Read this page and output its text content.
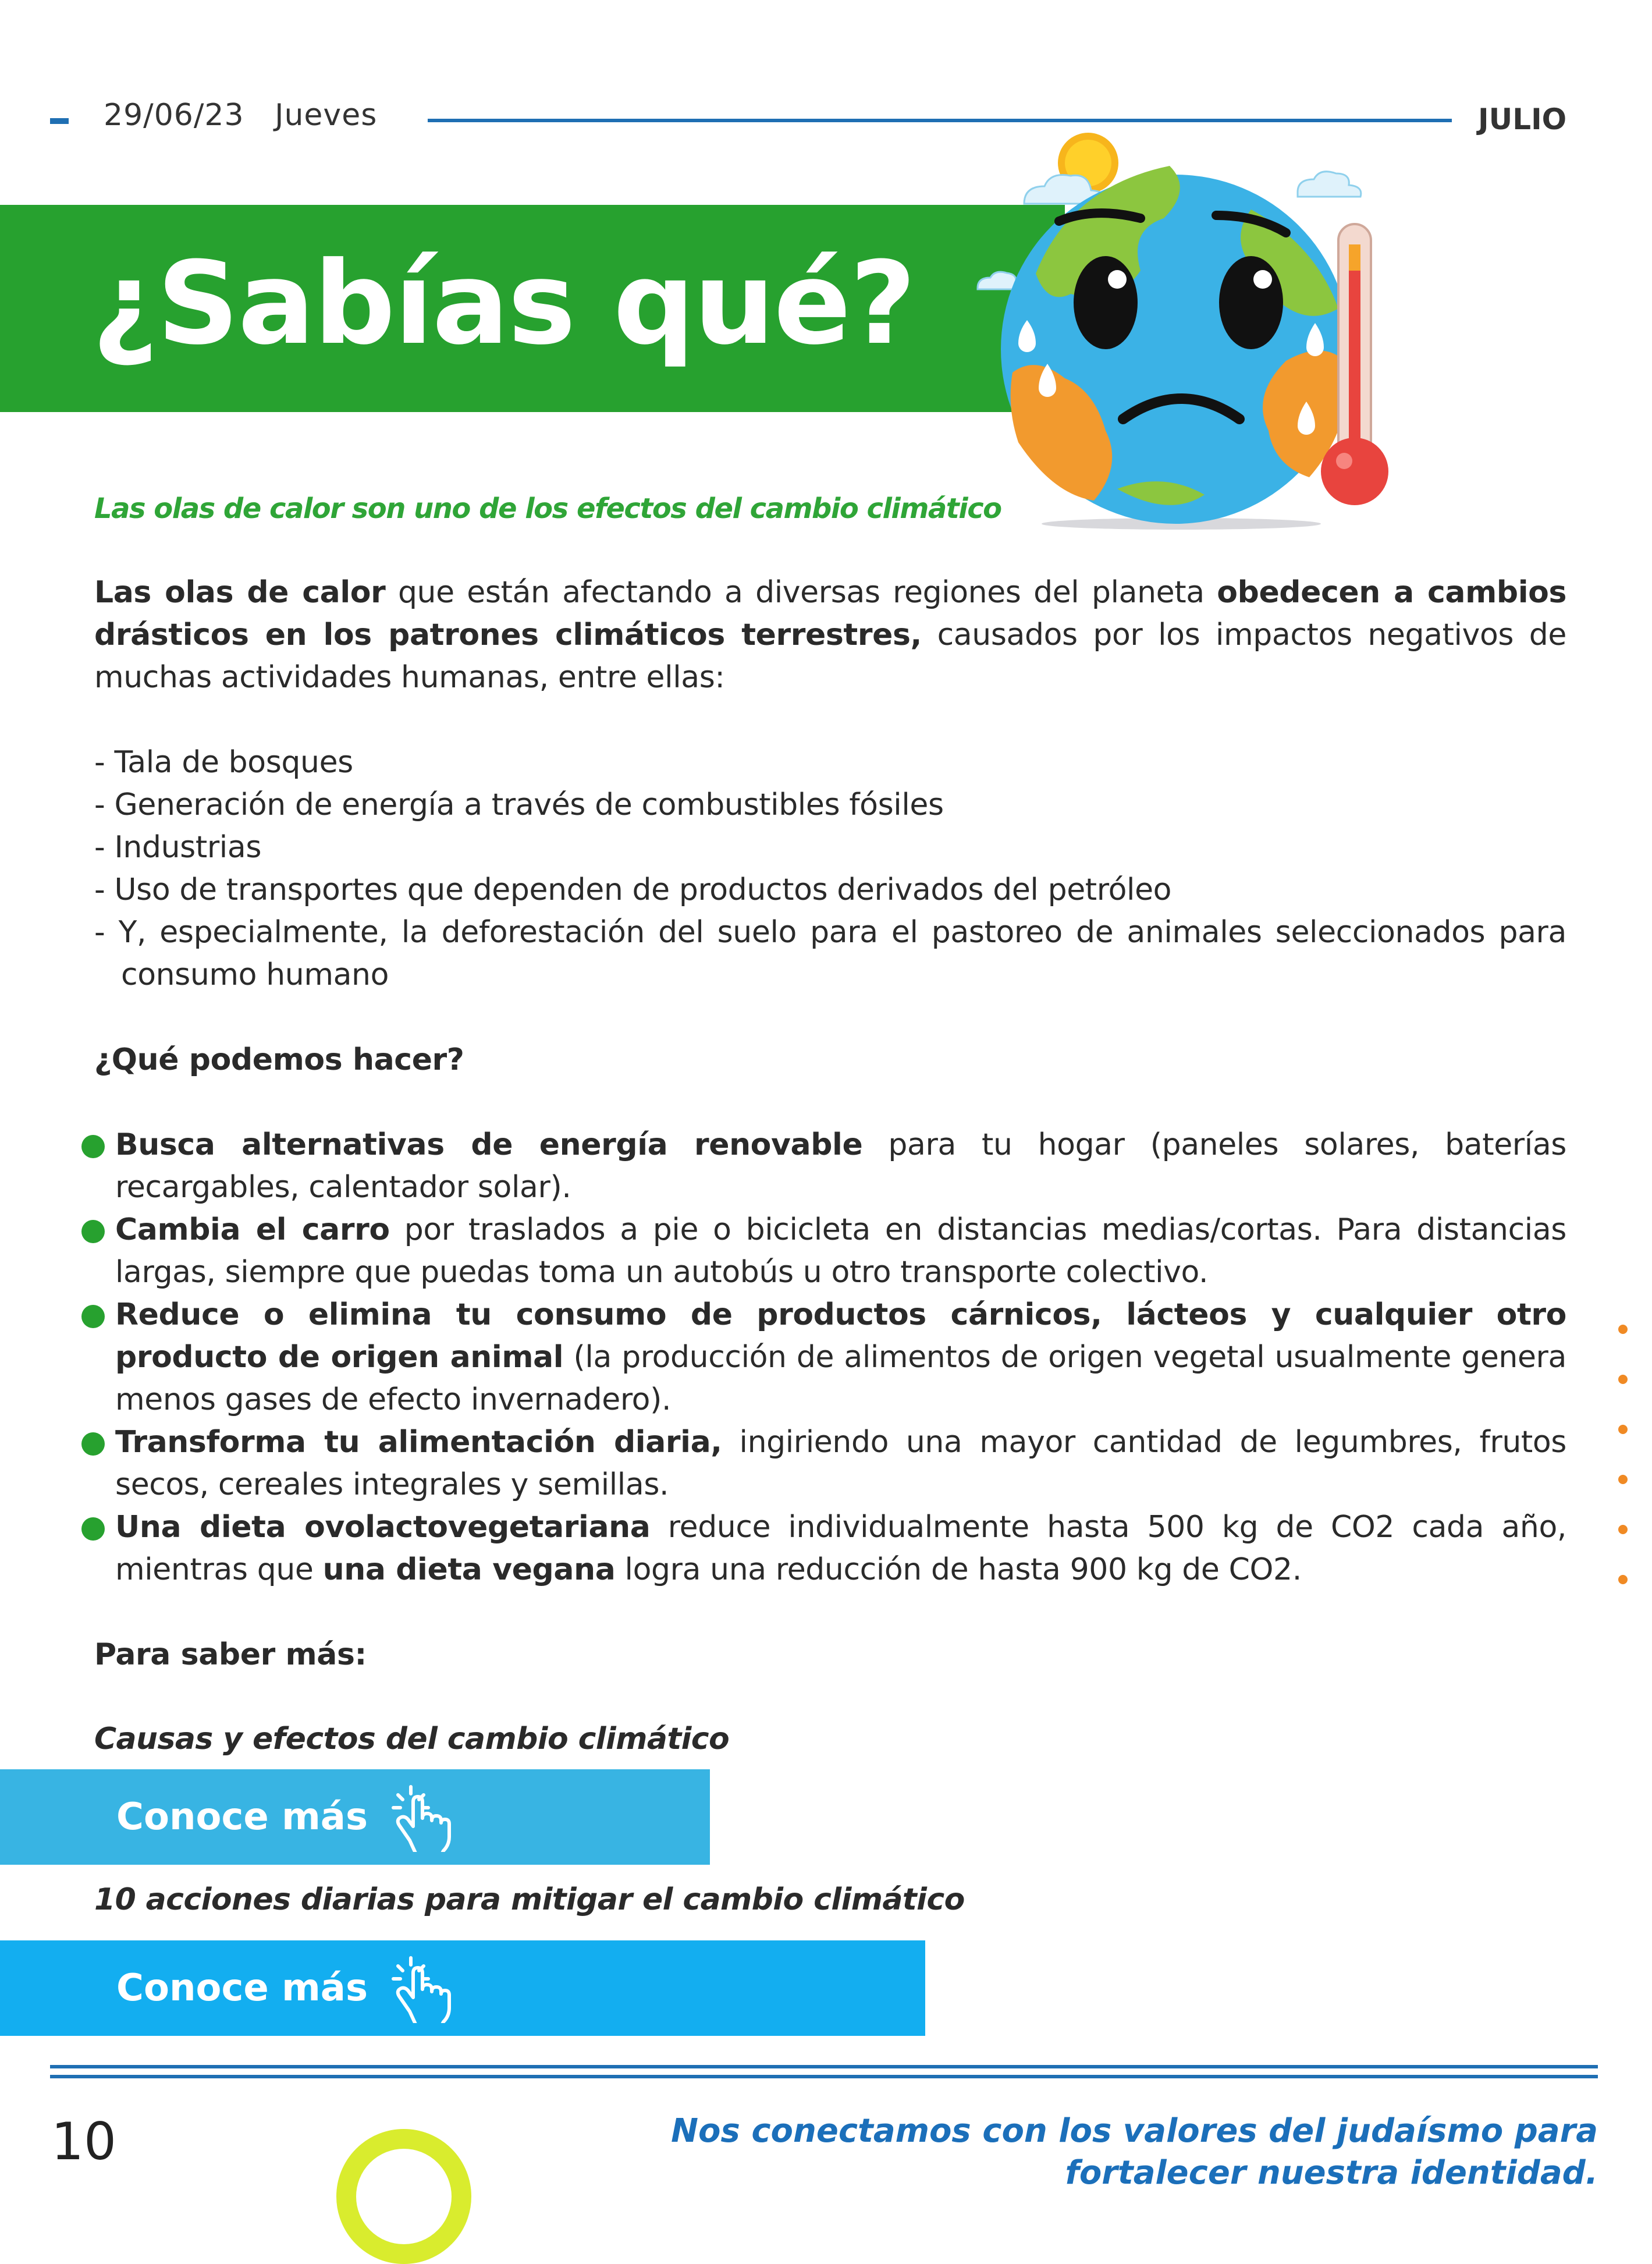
29/06/23 Jueves	JULIO
¿Sabías qué?
Las olas de calor son uno de los efectos del cambio climático

Las olas de calor que están afectando a diversas regiones del planeta obedecen a cambios drásticos en los patrones climáticos terrestres, causados por los impactos negativos de muchas actividades humanas, entre ellas:

- Tala de bosques

- Generación de energía a través de combustibles fósiles

- Industrias

- Uso de transportes que dependen de productos derivados del petróleo

- Y, especialmente, la deforestación del suelo para el pastoreo de animales seleccionados para consumo humano

¿Qué podemos hacer?

Busca alternativas de energía renovable para tu hogar (paneles solares, baterías recargables, calentador solar).

Cambia el carro por traslados a pie o bicicleta en distancias medias/cortas. Para distancias largas, siempre que puedas toma un autobús u otro transporte colectivo.

Reduce o elimina tu consumo de productos cárnicos, lácteos y cualquier otro producto de origen animal (la producción de alimentos de origen vegetal usualmente genera menos gases de efecto invernadero).

Transforma tu alimentación diaria, ingiriendo una mayor cantidad de legumbres, frutos secos, cereales integrales y semillas.

Una dieta ovolactovegetariana reduce individualmente hasta 500 kg de CO2 cada año, mientras que una dieta vegana logra una reducción de hasta 900 kg de CO2.

Para saber más:

Causas y efectos del cambio climático
Conoce más
10 acciones diarias para mitigar el cambio climático
Conoce más
10	Nos conectamos con los valores del judaísmo para
fortalecer nuestra identidad.
